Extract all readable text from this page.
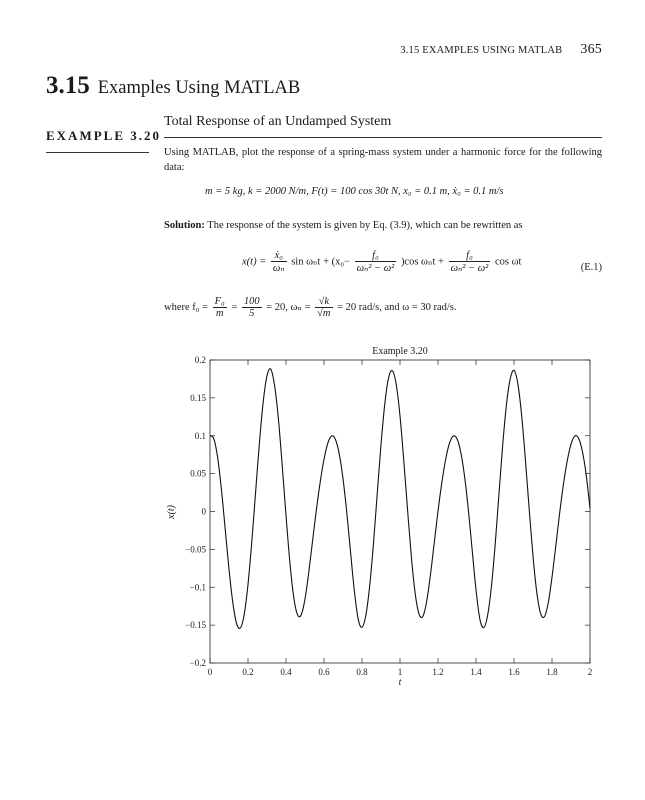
3.15 EXAMPLES USING MATLAB 365
3.15 Examples Using MATLAB
EXAMPLE 3.20
Total Response of an Undamped System
Using MATLAB, plot the response of a spring-mass system under a harmonic force for the following data:
m = 5 kg, k = 2000 N/m, F(t) = 100 cos 30t N, x₀ = 0.1 m, ẋ₀ = 0.1 m/s
Solution: The response of the system is given by Eq. (3.9), which can be rewritten as
$x(t) = \frac{\text{ẋ₀}}{\text{ωₙ}}$ $\sin \omega_nt + (x_0- \frac{\text{f₀}}{\text{ωₙ² − ω²}} )\cos$ $\omega_nt + \frac{\text{f₀}}{\text{ωₙ² − ω²}}$ cos ωt
(E.1)
where $f_0 = \frac{\text{F₀}}{m} = \frac{100}{5} = 20$, $\omega_n = \frac{√k}{√m} = 20$ rad/s, and ω = 30 rad/s.
Example 3.20
0	0.2	0.4	0.6	0.8	1	1.2	1.4	1.6	1.8	2
−0.2
−0.15
−0.1
−0.05
0
0.05
0.1
0.15
0.2
t
x(t)
